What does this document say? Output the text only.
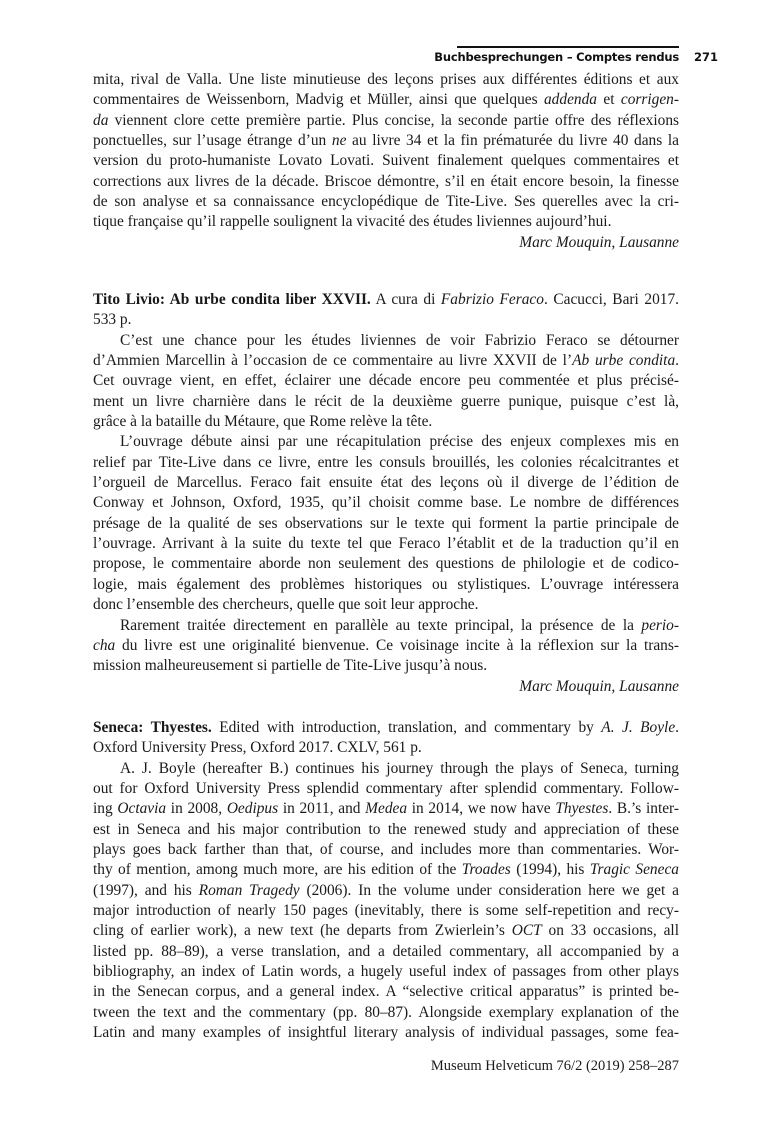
Buchbesprechungen – Comptes rendus 271
mita, rival de Valla. Une liste minutieuse des leçons prises aux différentes éditions et aux
commentaires de Weissenborn, Madvig et Müller, ainsi que quelques addenda et corrigen-
da viennent clore cette première partie. Plus concise, la seconde partie offre des réflexions
ponctuelles, sur l’usage étrange d’un ne au livre 34 et la fin prématurée du livre 40 dans la
version du proto-humaniste Lovato Lovati. Suivent finalement quelques commentaires et
corrections aux livres de la décade. Briscoe démontre, s’il en était encore besoin, la finesse
de son analyse et sa connaissance encyclopédique de Tite-Live. Ses querelles avec la cri-
tique française qu’il rappelle soulignent la vivacité des études liviennes aujourd’hui.
Marc Mouquin, Lausanne
Tito Livio: Ab urbe condita liber XXVII. A cura di Fabrizio Feraco. Cacucci, Bari 2017.
533 p.
C’est une chance pour les études liviennes de voir Fabrizio Feraco se détourner
d’Ammien Marcellin à l’occasion de ce commentaire au livre XXVII de l’Ab urbe condita.
Cet ouvrage vient, en effet, éclairer une décade encore peu commentée et plus précisé-
ment un livre charnière dans le récit de la deuxième guerre punique, puisque c’est là,
grâce à la bataille du Métaure, que Rome relève la tête.
L’ouvrage débute ainsi par une récapitulation précise des enjeux complexes mis en
relief par Tite-Live dans ce livre, entre les consuls brouillés, les colonies récalcitrantes et
l’orgueil de Marcellus. Feraco fait ensuite état des leçons où il diverge de l’édition de
Conway et Johnson, Oxford, 1935, qu’il choisit comme base. Le nombre de différences
présage de la qualité de ses observations sur le texte qui forment la partie principale de
l’ouvrage. Arrivant à la suite du texte tel que Feraco l’établit et de la traduction qu’il en
propose, le commentaire aborde non seulement des questions de philologie et de codico-
logie, mais également des problèmes historiques ou stylistiques. L’ouvrage intéressera
donc l’ensemble des chercheurs, quelle que soit leur approche.
Rarement traitée directement en parallèle au texte principal, la présence de la perio-
cha du livre est une originalité bienvenue. Ce voisinage incite à la réflexion sur la trans-
mission malheureusement si partielle de Tite-Live jusqu’à nous.
Marc Mouquin, Lausanne
Seneca: Thyestes. Edited with introduction, translation, and commentary by A. J. Boyle.
Oxford University Press, Oxford 2017. CXLV, 561 p.
A. J. Boyle (hereafter B.) continues his journey through the plays of Seneca, turning
out for Oxford University Press splendid commentary after splendid commentary. Follow-
ing Octavia in 2008, Oedipus in 2011, and Medea in 2014, we now have Thyestes. B.’s inter-
est in Seneca and his major contribution to the renewed study and appreciation of these
plays goes back farther than that, of course, and includes more than commentaries. Wor-
thy of mention, among much more, are his edition of the Troades (1994), his Tragic Seneca
(1997), and his Roman Tragedy (2006). In the volume under consideration here we get a
major introduction of nearly 150 pages (inevitably, there is some self-repetition and recy-
cling of earlier work), a new text (he departs from Zwierlein’s OCT on 33 occasions, all
listed pp. 88–89), a verse translation, and a detailed commentary, all accompanied by a
bibliography, an index of Latin words, a hugely useful index of passages from other plays
in the Senecan corpus, and a general index. A “selective critical apparatus” is printed be-
tween the text and the commentary (pp. 80–87). Alongside exemplary explanation of the
Latin and many examples of insightful literary analysis of individual passages, some fea-
Museum Helveticum 76/2 (2019) 258–287
